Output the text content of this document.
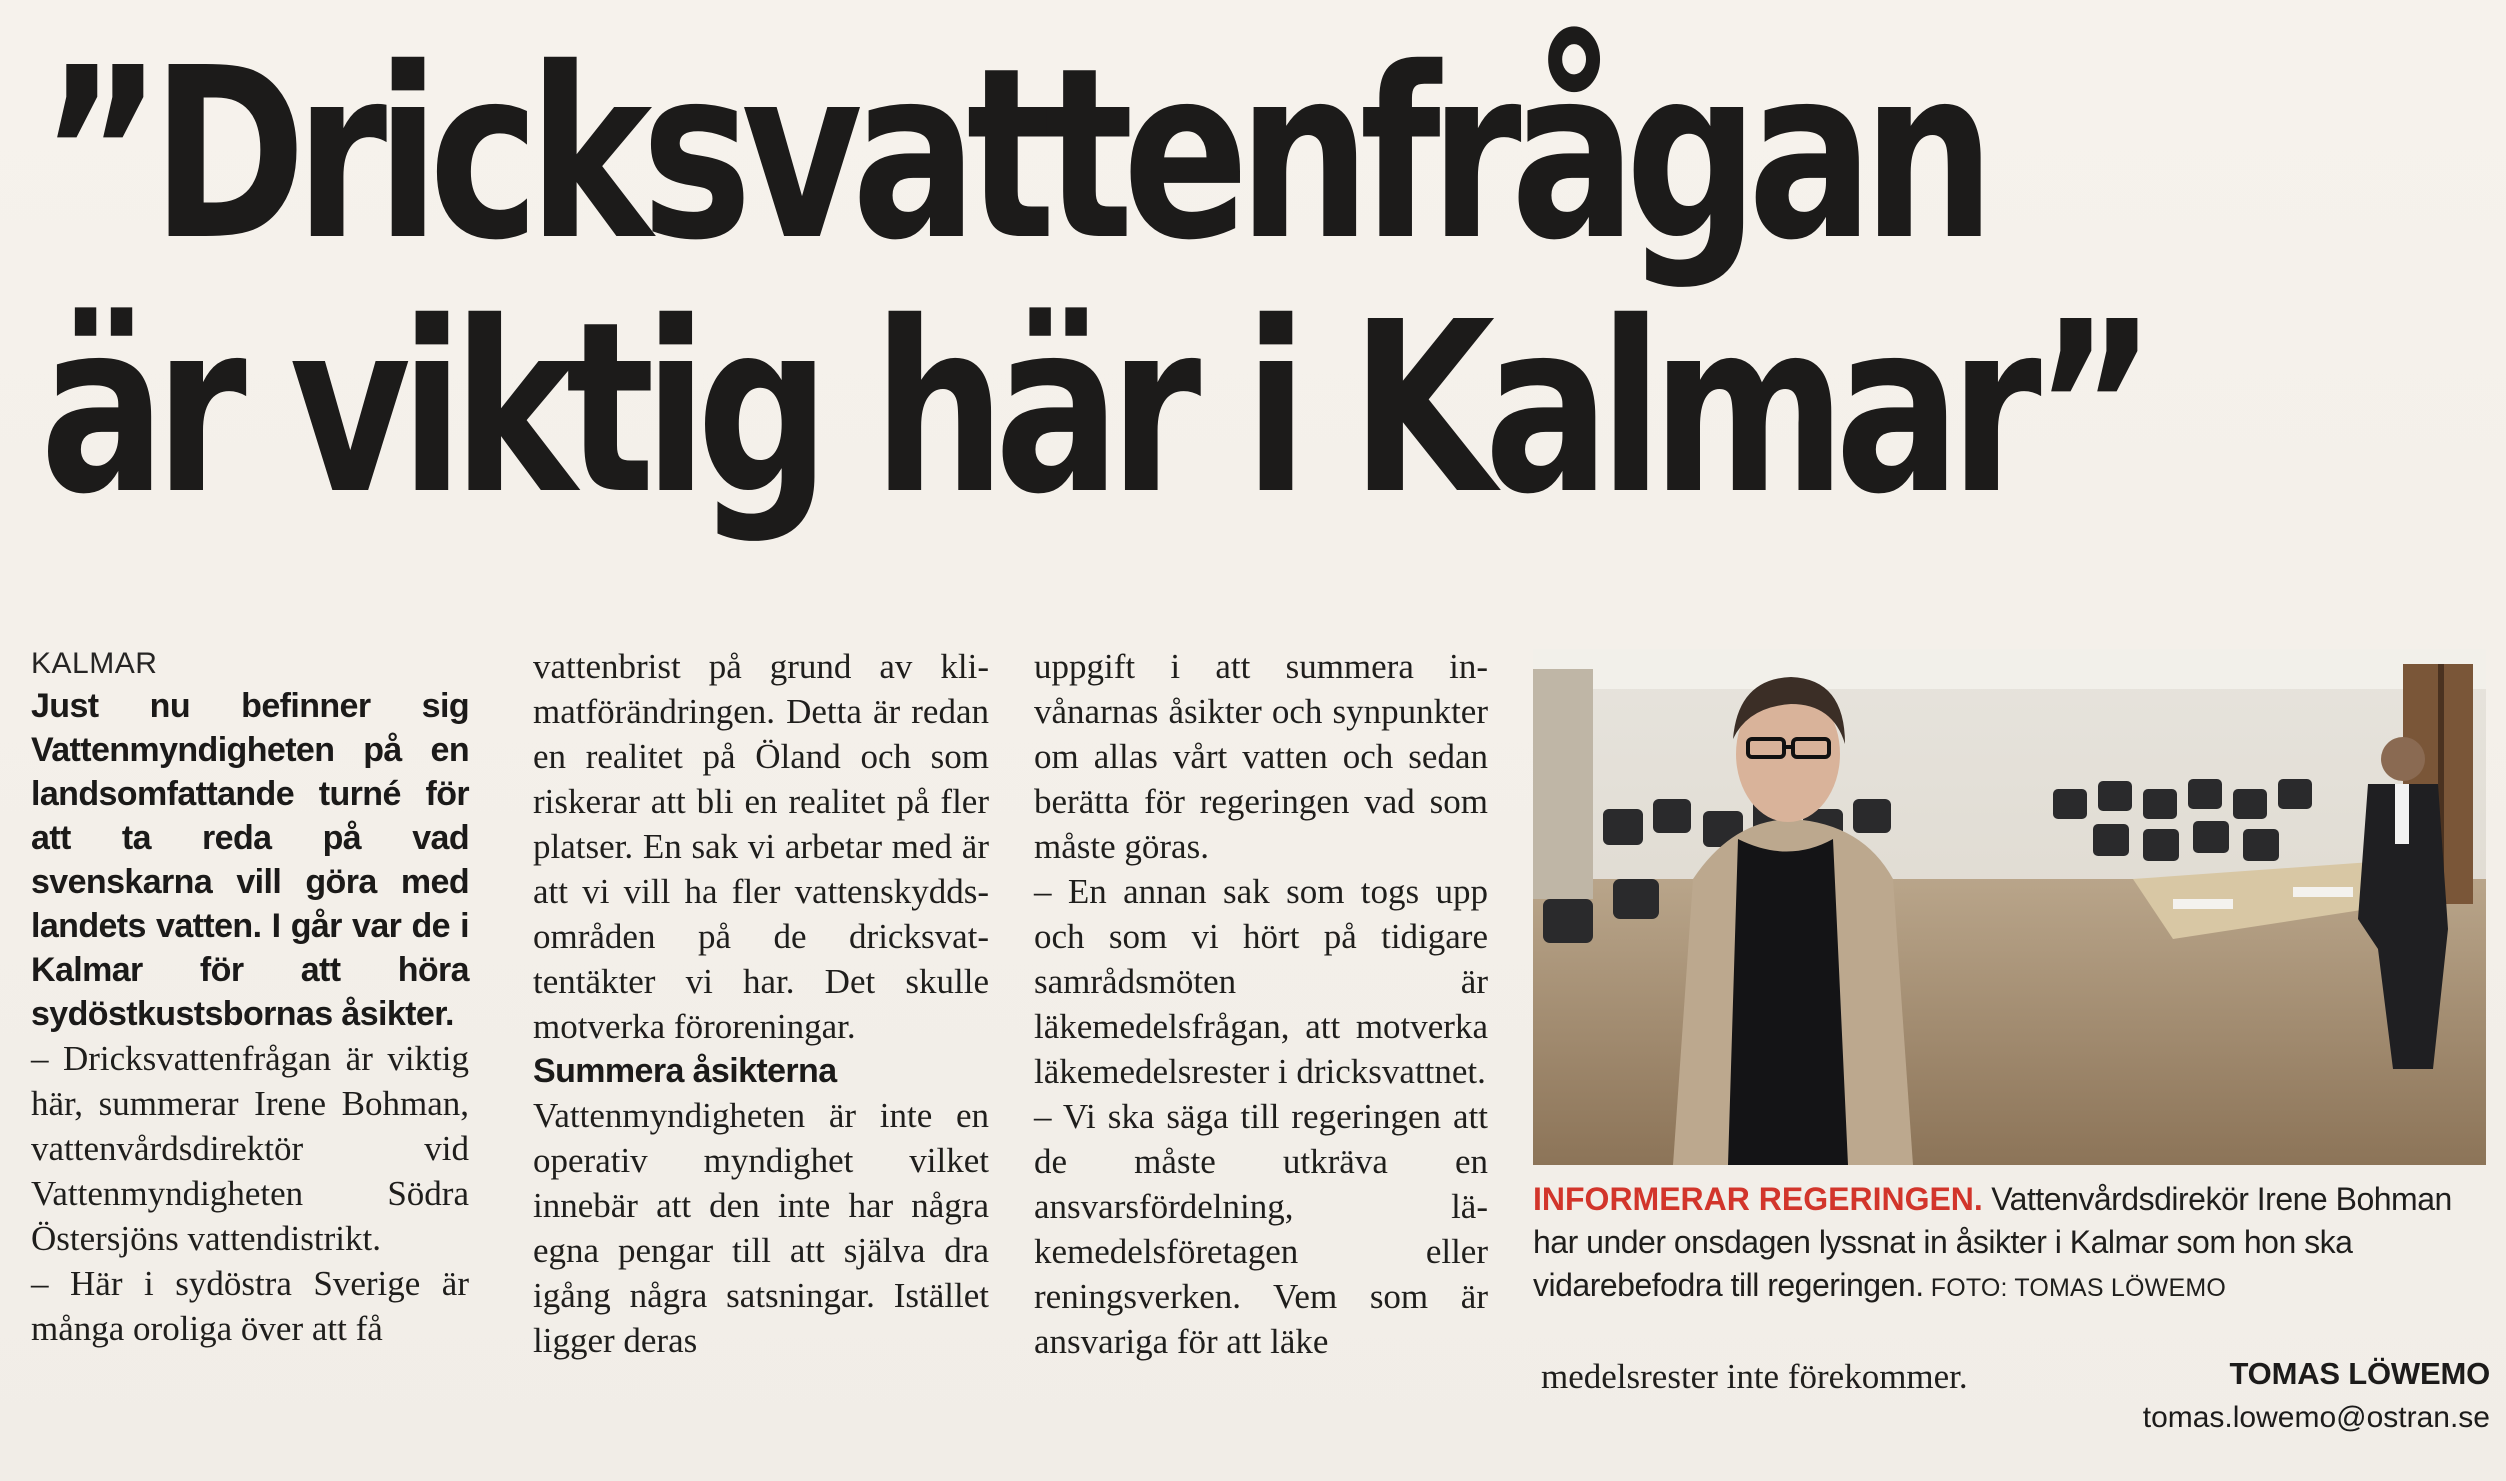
”Dricksvattenfrågan
är viktig här i Kalmar”

KALMAR

Just nu befinner sig Vattenmyndigheten på en landsomfattande turné för att ta reda på vad svenskarna vill göra med landets vatten. I går var de i Kalmar för att höra sydöstkustsbornas åsikter.

– Dricksvattenfrågan är viktig här, summerar Irene Bohman, vattenvårdsdirektör vid Vattenmyndigheten Södra Östersjöns vattendistrikt.

– Här i sydöstra Sverige är många oroliga över att få

vattenbrist på grund av klimatförändringen. Detta är redan en realitet på Öland och som riskerar att bli en realitet på fler platser. En sak vi arbetar med är att vi vill ha fler vattenskyddsområden på de dricksvattentäkter vi har. Det skulle motverka föroreningar.

Summera åsikterna

Vattenmyndigheten är inte en operativ myndighet vilket innebär att den inte har några egna pengar till att själva dra igång några satsningar. Istället ligger deras

uppgift i att summera invånarnas åsikter och synpunkter om allas vårt vatten och sedan berätta för regeringen vad som måste göras.

– En annan sak som togs upp och som vi hört på tidigare samrådsmöten är läkemedelsfrågan, att motverka läkemedelsrester i dricksvattnet.

– Vi ska säga till regeringen att de måste utkräva en ansvarsfördelning, läkemedelsföretagen eller reningsverken. Vem som är ansvariga för att läke

INFORMERAR REGERINGEN. Vattenvårdsdirekör Irene Bohman har under onsdagen lyssnat in åsikter i Kalmar som hon ska vidarebefodra till regeringen. FOTO: TOMAS LÖWEMO

medelsrester inte förekommer.	TOMAS LÖWEMO
tomas.lowemo@ostran.se
